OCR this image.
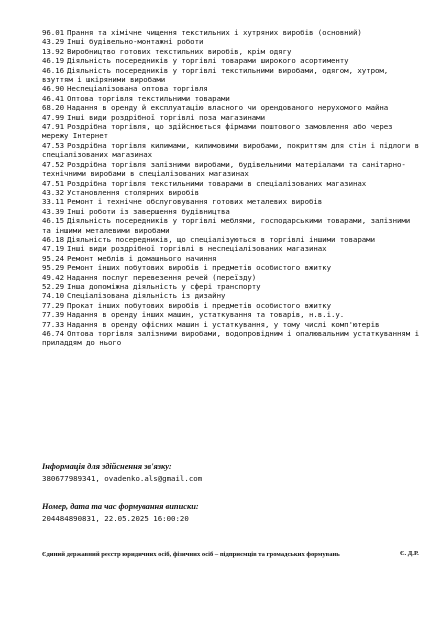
96.01 Прання та хімічне чищення текстильних і хутряних виробів (основний)
43.29 Інші будівельно-монтажні роботи
13.92 Виробництво готових текстильних виробів, крім одягу
46.19 Діяльність посередників у торгівлі товарами широкого асортименту
46.16 Діяльність посередників у торгівлі текстильними виробами, одягом, хутром, взуттям і шкіряними виробами
46.90 Неспеціалізована оптова торгівля
46.41 Оптова торгівля текстильними товарами
68.20 Надання в оренду й експлуатацію власного чи орендованого нерухомого майна
47.99 Інші види роздрібної торгівлі поза магазинами
47.91 Роздрібна торгівля, що здійснюється фірмами поштового замовлення або через мережу Інтернет
47.53 Роздрібна торгівля килимами, килимовими виробами, покриттям для стін і підлоги в спеціалізованих магазинах
47.52 Роздрібна торгівля залізними виробами, будівельними матеріалами та санітарно-технічними виробами в спеціалізованих магазинах
47.51 Роздрібна торгівля текстильними товарами в спеціалізованих магазинах
43.32 Установлення столярних виробів
33.11 Ремонт і технічне обслуговування готових металевих виробів
43.39 Інші роботи із завершення будівництва
46.15 Діяльність посередників у торгівлі меблями, господарськими товарами, залізними та іншими металевими виробами
46.18 Діяльність посередників, що спеціалізуються в торгівлі іншими товарами
47.19 Інші види роздрібної торгівлі в неспеціалізованих магазинах
95.24 Ремонт меблів і домашнього начиння
95.29 Ремонт інших побутових виробів і предметів особистого вжитку
49.42 Надання послуг перевезення речей (переїзду)
52.29 Інша допоміжна діяльність у сфері транспорту
74.10 Спеціалізована діяльність із дизайну
77.29 Прокат інших побутових виробів і предметів особистого вжитку
77.39 Надання в оренду інших машин, устаткування та товарів, н.в.і.у.
77.33 Надання в оренду офісних машин і устаткування, у тому числі комп'ютерів
46.74 Оптова торгівля залізними виробами, водопровідним і опалювальним устаткуванням і приладдям до нього
Інформація для здійснення зв'язку:
380677989341, ovadenko.als@gmail.com
Номер, дата та час формування виписки:
204484890831, 22.05.2025 16:00:20
Єдиний державний реєстр юридичних осіб, фізичних осіб – підприємців та громадських формувань	Є. Д.Р.
